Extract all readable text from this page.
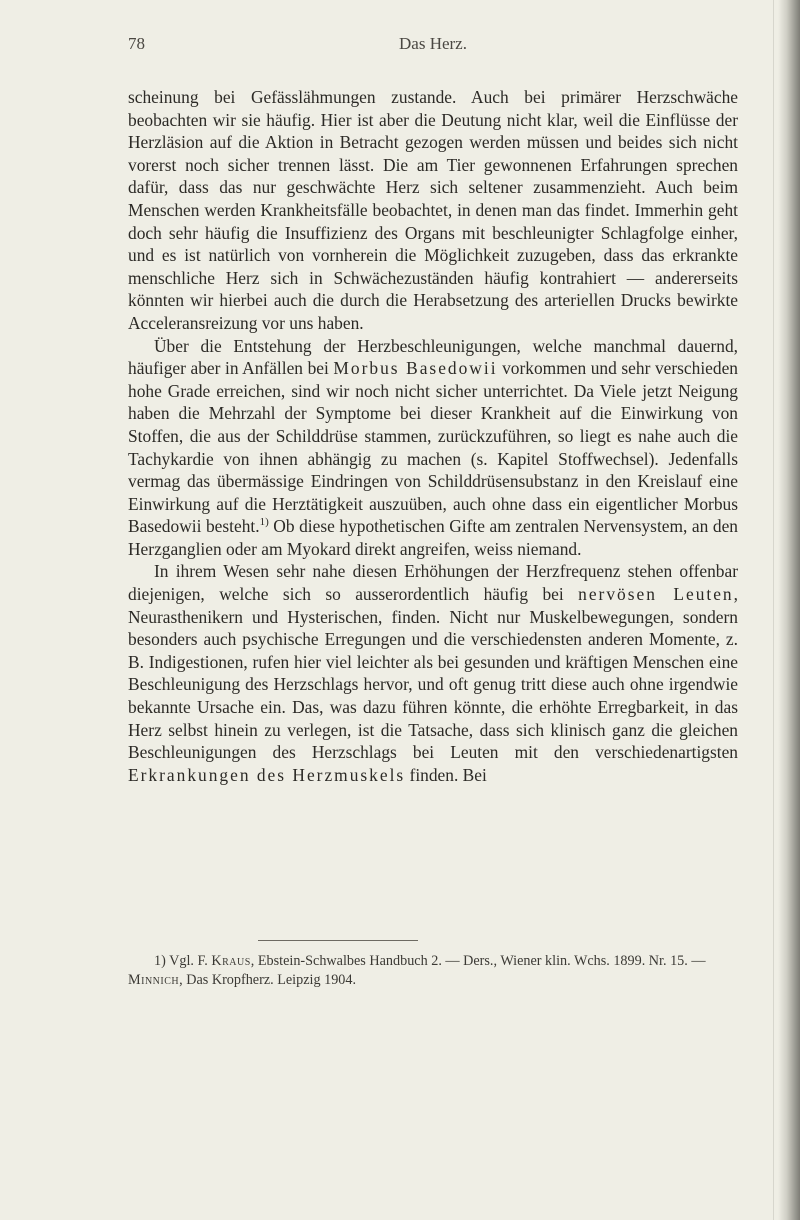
78	Das Herz.

scheinung bei Gefässlähmungen zustande. Auch bei primärer Herzschwäche beobachten wir sie häufig. Hier ist aber die Deutung nicht klar, weil die Einflüsse der Herzläsion auf die Aktion in Betracht gezogen werden müssen und beides sich nicht vorerst noch sicher trennen lässt. Die am Tier gewonnenen Erfahrungen sprechen dafür, dass das nur geschwächte Herz sich seltener zusammenzieht. Auch beim Menschen werden Krankheitsfälle beobachtet, in denen man das findet. Immerhin geht doch sehr häufig die Insuffizienz des Organs mit beschleunigter Schlagfolge einher, und es ist natürlich von vornherein die Möglichkeit zuzugeben, dass das erkrankte menschliche Herz sich in Schwächezuständen häufig kontrahiert — andererseits könnten wir hierbei auch die durch die Herabsetzung des arteriellen Drucks bewirkte Acceleransreizung vor uns haben.

Über die Entstehung der Herzbeschleunigungen, welche manchmal dauernd, häufiger aber in Anfällen bei Morbus Basedowii vorkommen und sehr verschieden hohe Grade erreichen, sind wir noch nicht sicher unterrichtet. Da Viele jetzt Neigung haben die Mehrzahl der Symptome bei dieser Krankheit auf die Einwirkung von Stoffen, die aus der Schilddrüse stammen, zurückzuführen, so liegt es nahe auch die Tachykardie von ihnen abhängig zu machen (s. Kapitel Stoffwechsel). Jedenfalls vermag das übermässige Eindringen von Schilddrüsensubstanz in den Kreislauf eine Einwirkung auf die Herztätigkeit auszuüben, auch ohne dass ein eigentlicher Morbus Basedowii besteht.$^{1)}$ Ob diese hypothetischen Gifte am zentralen Nervensystem, an den Herzganglien oder am Myokard direkt angreifen, weiss niemand.

In ihrem Wesen sehr nahe diesen Erhöhungen der Herzfrequenz stehen offenbar diejenigen, welche sich so ausserordentlich häufig bei nervösen Leuten, Neurasthenikern und Hysterischen, finden. Nicht nur Muskelbewegungen, sondern besonders auch psychische Erregungen und die verschiedensten anderen Momente, z. B. Indigestionen, rufen hier viel leichter als bei gesunden und kräftigen Menschen eine Beschleunigung des Herzschlags hervor, und oft genug tritt diese auch ohne irgendwie bekannte Ursache ein. Das, was dazu führen könnte, die erhöhte Erregbarkeit, in das Herz selbst hinein zu verlegen, ist die Tatsache, dass sich klinisch ganz die gleichen Beschleunigungen des Herzschlags bei Leuten mit den verschiedenartigsten Erkrankungen des Herzmuskels finden. Bei

1) Vgl. F. Kraus, Ebstein-Schwalbes Handbuch 2. — Ders., Wiener klin. Wchs. 1899. Nr. 15. — Minnich, Das Kropfherz. Leipzig 1904.
